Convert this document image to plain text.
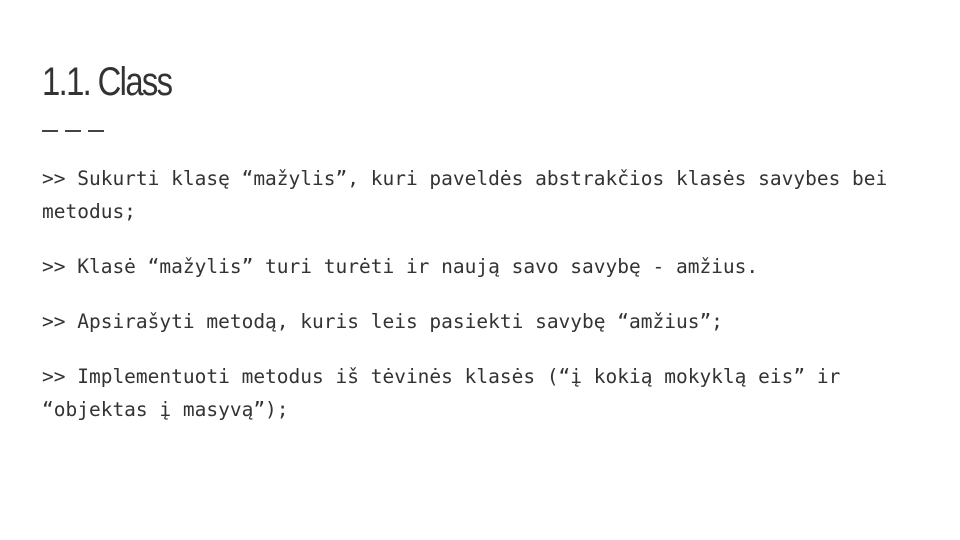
1.1. Class

>> Sukurti klasę “mažylis”, kuri paveldės abstrakčios klasės savybes bei metodus;

>> Klasė “mažylis” turi turėti ir naują savo savybę - amžius.

>> Apsirašyti metodą, kuris leis pasiekti savybę “amžius”;

>> Implementuoti metodus iš tėvinės klasės (“į kokią mokyklą eis” ir “objektas į masyvą”);
